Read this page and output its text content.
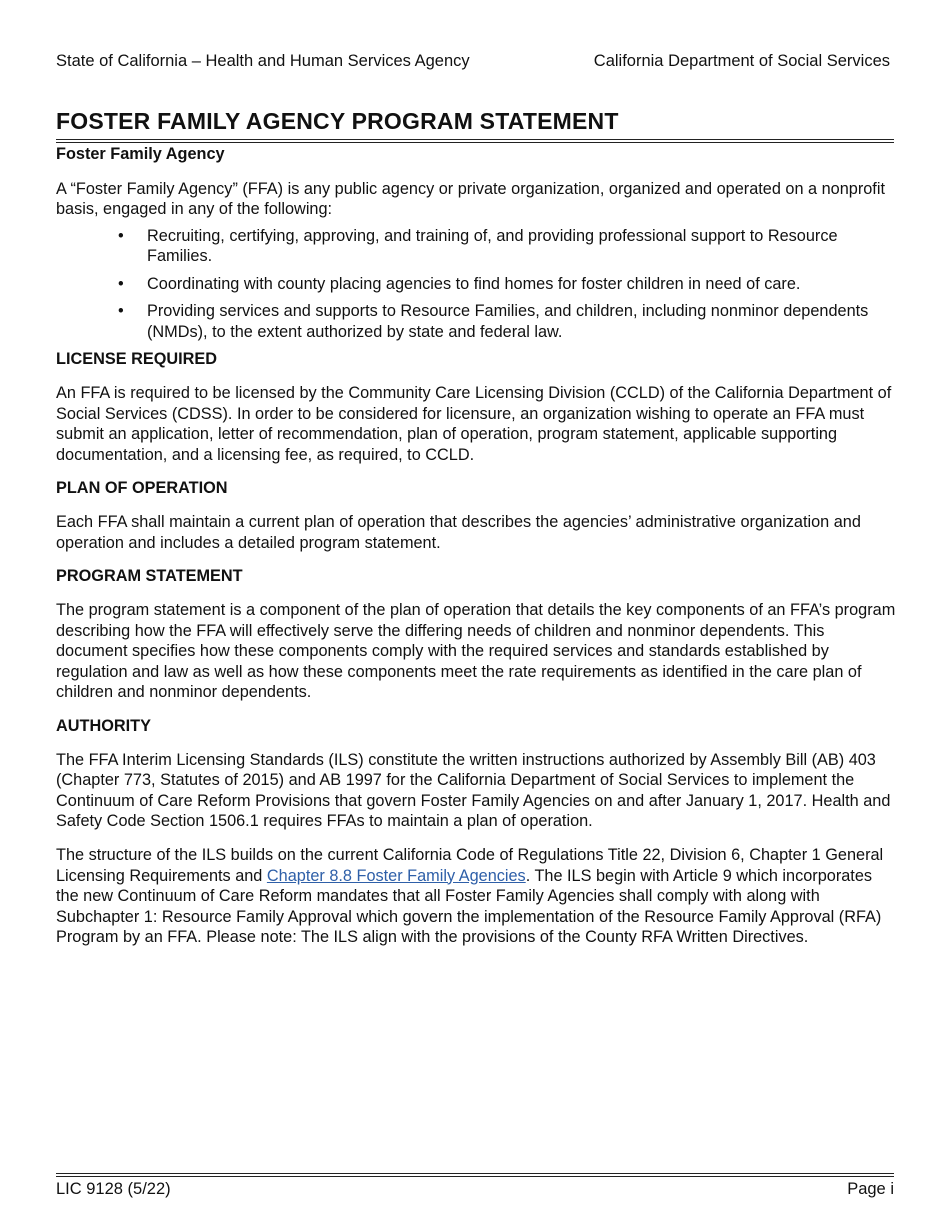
State of California – Health and Human Services Agency	California Department of Social Services
FOSTER FAMILY AGENCY PROGRAM STATEMENT
Foster Family Agency

A “Foster Family Agency” (FFA) is any public agency or private organization, organized and operated on a nonprofit basis, engaged in any of the following:

• Recruiting, certifying, approving, and training of, and providing professional support to Resource Families.
• Coordinating with county placing agencies to find homes for foster children in need of care.
• Providing services and supports to Resource Families, and children, including nonminor dependents (NMDs), to the extent authorized by state and federal law.
LICENSE REQUIRED

An FFA is required to be licensed by the Community Care Licensing Division (CCLD) of the California Department of Social Services (CDSS). In order to be considered for licensure, an organization wishing to operate an FFA must submit an application, letter of recommendation, plan of operation, program statement, applicable supporting documentation, and a licensing fee, as required, to CCLD.

PLAN OF OPERATION

Each FFA shall maintain a current plan of operation that describes the agencies’ administrative organization and operation and includes a detailed program statement.

PROGRAM STATEMENT

The program statement is a component of the plan of operation that details the key components of an FFA’s program describing how the FFA will effectively serve the differing needs of children and nonminor dependents. This document specifies how these components comply with the required services and standards established by regulation and law as well as how these components meet the rate requirements as identified in the care plan of children and nonminor dependents.

AUTHORITY

The FFA Interim Licensing Standards (ILS) constitute the written instructions authorized by Assembly Bill (AB) 403 (Chapter 773, Statutes of 2015) and AB 1997 for the California Department of Social Services to implement the Continuum of Care Reform Provisions that govern Foster Family Agencies on and after January 1, 2017. Health and Safety Code Section 1506.1 requires FFAs to maintain a plan of operation.

The structure of the ILS builds on the current California Code of Regulations Title 22, Division 6, Chapter 1 General Licensing Requirements and Chapter 8.8 Foster Family Agencies. The ILS begin with Article 9 which incorporates the new Continuum of Care Reform mandates that all Foster Family Agencies shall comply with along with Subchapter 1: Resource Family Approval which govern the implementation of the Resource Family Approval (RFA) Program by an FFA. Please note: The ILS align with the provisions of the County RFA Written Directives.

LIC 9128 (5/22)	Page i
